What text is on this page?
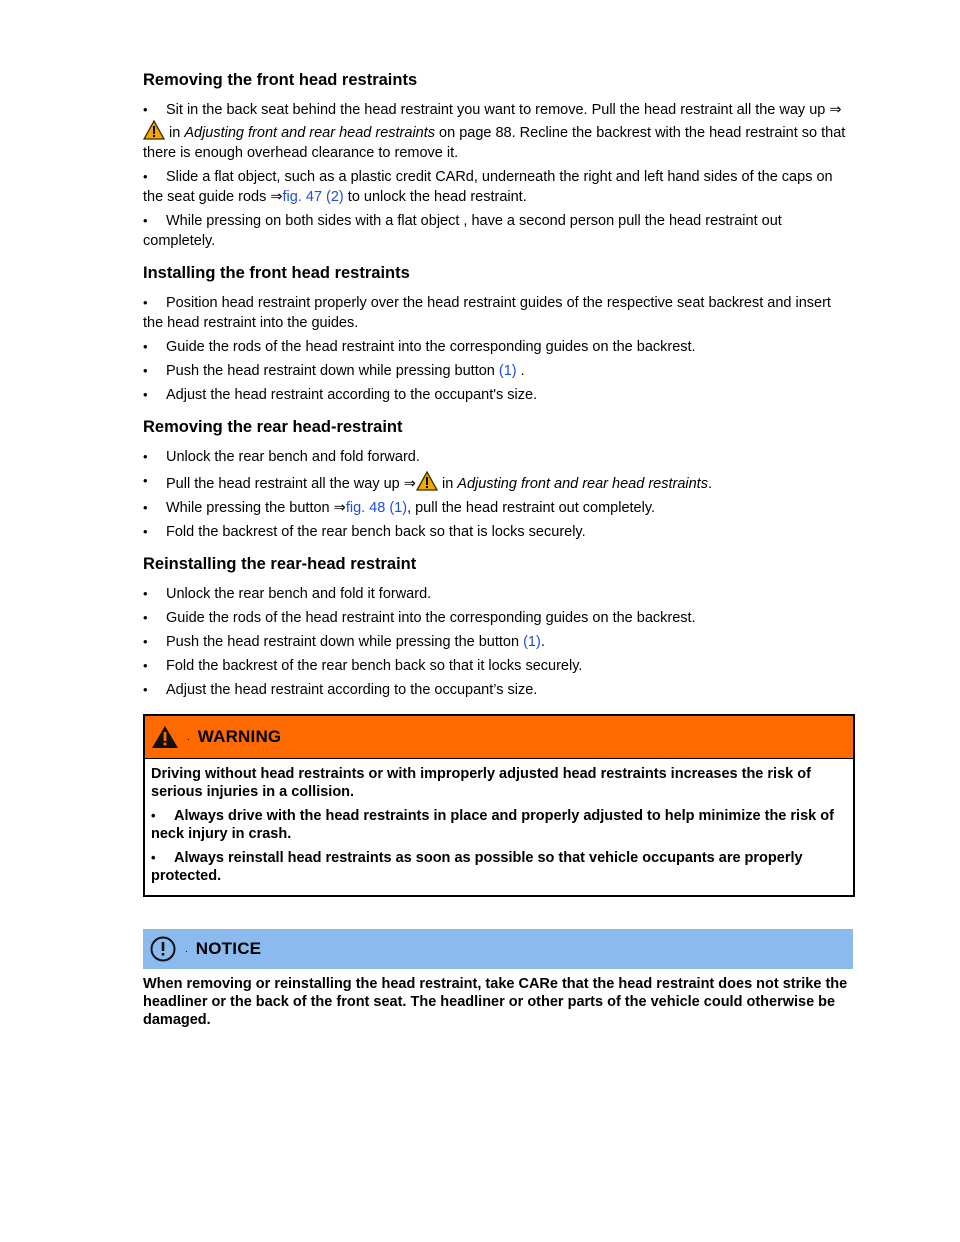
Removing the front head restraints
• Sit in the back seat behind the head restraint you want to remove. Pull the head restraint all the way up ⇒ in Adjusting front and rear head restraints on page 88. Recline the backrest with the head restraint so that there is enough overhead clearance to remove it.
• Slide a flat object, such as a plastic credit CARd, underneath the right and left hand sides of the caps on the seat guide rods ⇒fig. 47 (2) to unlock the head restraint.
• While pressing on both sides with a flat object , have a second person pull the head restraint out completely.
Installing the front head restraints
• Position head restraint properly over the head restraint guides of the respective seat backrest and insert the head restraint into the guides.
• Guide the rods of the head restraint into the corresponding guides on the backrest.
• Push the head restraint down while pressing button (1) .
• Adjust the head restraint according to the occupant's size.
Removing the rear head-restraint
• Unlock the rear bench and fold forward.
• Pull the head restraint all the way up ⇒ in Adjusting front and rear head restraints.
• While pressing the button ⇒fig. 48 (1), pull the head restraint out completely.
• Fold the backrest of the rear bench back so that is locks securely.
Reinstalling the rear-head restraint
• Unlock the rear bench and fold it forward.
• Guide the rods of the head restraint into the corresponding guides on the backrest.
• Push the head restraint down while pressing the button (1).
• Fold the backrest of the rear bench back so that it locks securely.
• Adjust the head restraint according to the occupant’s size.
. WARNING

Driving without head restraints or with improperly adjusted head restraints increases the risk of serious injuries in a collision.

• Always drive with the head restraints in place and properly adjusted to help minimize the risk of neck injury in crash.
• Always reinstall head restraints as soon as possible so that vehicle occupants are properly protected.
. NOTICE

When removing or reinstalling the head restraint, take CARe that the head restraint does not strike the headliner or the back of the front seat. The headliner or other parts of the vehicle could otherwise be damaged.
